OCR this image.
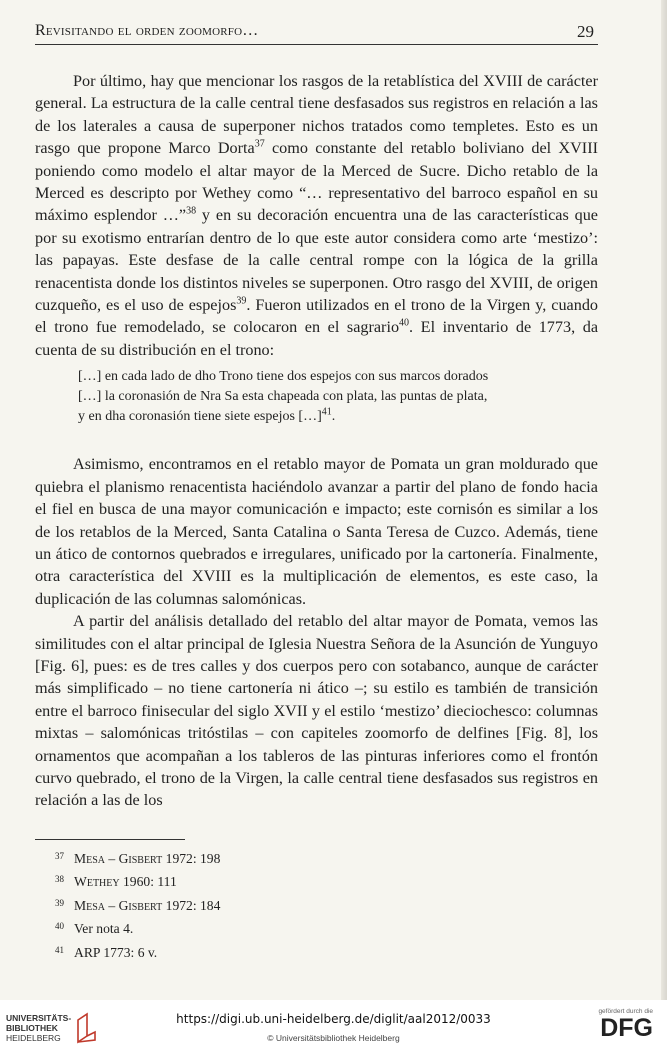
Revisitando el orden zoomorfo…	29

Por último, hay que mencionar los rasgos de la retablística del XVIII de carácter general. La estructura de la calle central tiene desfasados sus registros en relación a las de los laterales a causa de superponer nichos tratados como templetes. Esto es un rasgo que propone Marco Dorta$^{37}$ como constante del retablo boliviano del XVIII poniendo como modelo el altar mayor de la Merced de Sucre. Dicho retablo de la Merced es descripto por Wethey como “… representativo del barroco español en su máximo esplendor …”$^{38}$ y en su decoración encuentra una de las características que por su exotismo entrarían dentro de lo que este autor considera como arte ‘mestizo’: las papayas. Este desfase de la calle central rompe con la lógica de la grilla renacentista donde los distintos niveles se superponen. Otro rasgo del XVIII, de origen cuzqueño, es el uso de espejos$^{39}$. Fueron utilizados en el trono de la Virgen y, cuando el trono fue remodelado, se colocaron en el sagrario$^{40}$. El inventario de 1773, da cuenta de su distribución en el trono:

[…] en cada lado de dho Trono tiene dos espejos con sus marcos dorados
[…] la coronasión de Nra Sa esta chapeada con plata, las puntas de plata,
y en dha coronasión tiene siete espejos […]$^{41}$.

Asimismo, encontramos en el retablo mayor de Pomata un gran moldurado que quiebra el planismo renacentista haciéndolo avanzar a partir del plano de fondo hacia el fiel en busca de una mayor comunicación e impacto; este cornisón es similar a los de los retablos de la Merced, Santa Catalina o Santa Teresa de Cuzco. Además, tiene un ático de contornos quebrados e irregulares, unificado por la cartonería. Finalmente, otra característica del XVIII es la multiplicación de elementos, es este caso, la duplicación de las columnas salomónicas.

A partir del análisis detallado del retablo del altar mayor de Pomata, vemos las similitudes con el altar principal de Iglesia Nuestra Señora de la Asunción de Yunguyo [Fig. 6], pues: es de tres calles y dos cuerpos pero con sotabanco, aunque de carácter más simplificado – no tiene cartonería ni ático –; su estilo es también de transición entre el barroco finisecular del siglo XVII y el estilo ‘mestizo’ dieciochesco: columnas mixtas – salomónicas tritóstilas – con capiteles zoomorfo de delfines [Fig. 8], los ornamentos que acompañan a los tableros de las pinturas inferiores como el frontón curvo quebrado, el trono de la Virgen, la calle central tiene desfasados sus registros en relación a las de los

37 Mesa – Gisbert 1972: 198
38 Wethey 1960: 111
39 Mesa – Gisbert 1972: 184
40 Ver nota 4.
41 ARP 1773: 6 v.
UNIVERSITÄTS-
BIBLIOTHEK
HEIDELBERG
https://digi.ub.uni-heidelberg.de/diglit/aal2012/0033
© Universitätsbibliothek Heidelberg
gefördert durch die
DFG
